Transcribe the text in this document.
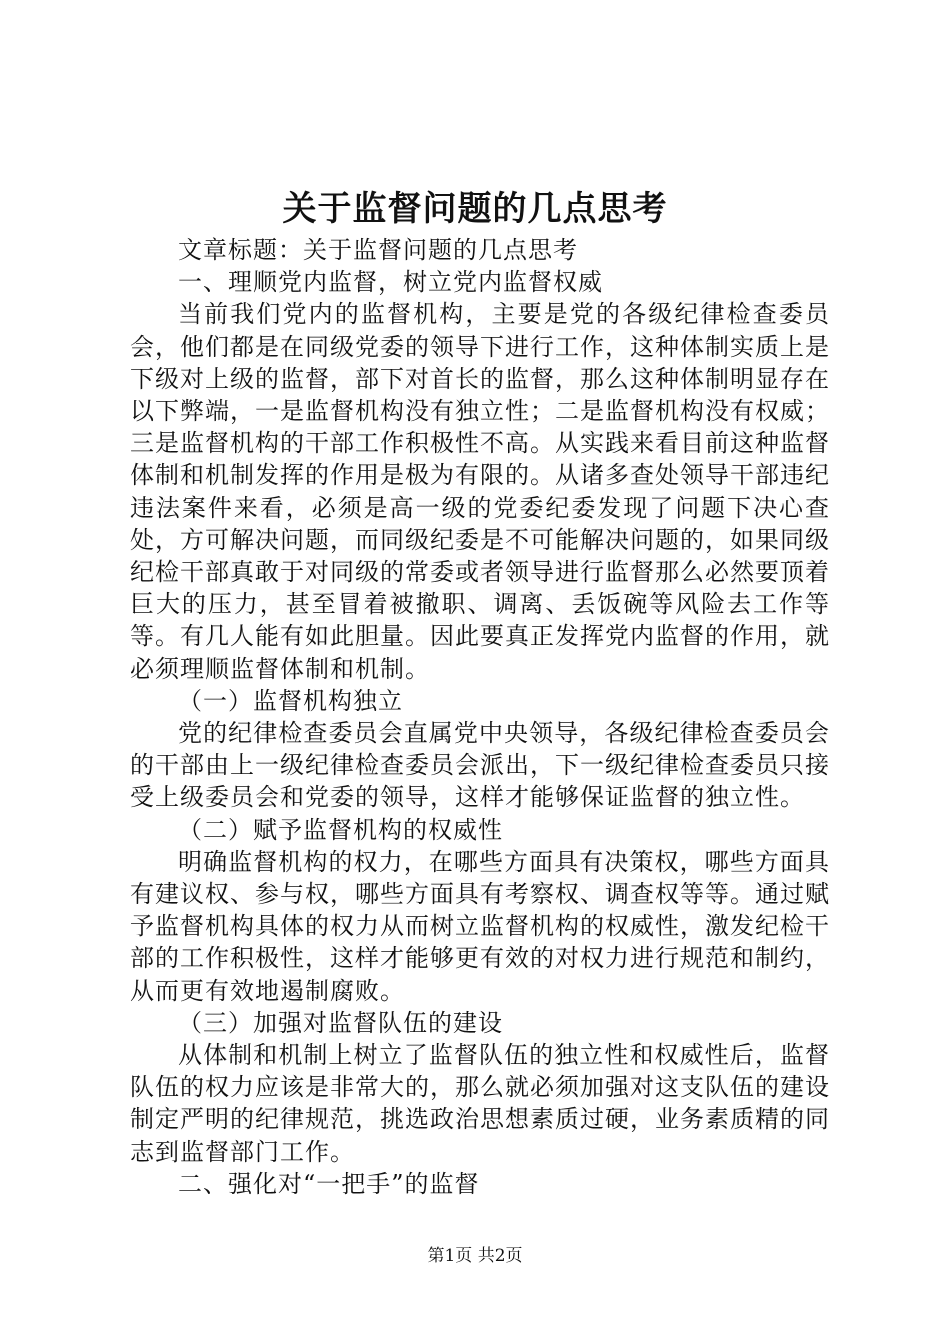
关于监督问题的几点思考

文章标题：关于监督问题的几点思考

一、理顺党内监督，树立党内监督权威

当前我们党内的监督机构，主要是党的各级纪律检查委员会，他们都是在同级党委的领导下进行工作，这种体制实质上是下级对上级的监督，部下对首长的监督，那么这种体制明显存在以下弊端，一是监督机构没有独立性；二是监督机构没有权威；三是监督机构的干部工作积极性不高。从实践来看目前这种监督体制和机制发挥的作用是极为有限的。从诸多查处领导干部违纪违法案件来看，必须是高一级的党委纪委发现了问题下决心查处，方可解决问题，而同级纪委是不可能解决问题的，如果同级纪检干部真敢于对同级的常委或者领导进行监督那么必然要顶着巨大的压力，甚至冒着被撤职、调离、丢饭碗等风险去工作等等。有几人能有如此胆量。因此要真正发挥党内监督的作用，就必须理顺监督体制和机制。

（一）监督机构独立

党的纪律检查委员会直属党中央领导，各级纪律检查委员会的干部由上一级纪律检查委员会派出，下一级纪律检查委员只接受上级委员会和党委的领导，这样才能够保证监督的独立性。

（二）赋予监督机构的权威性

明确监督机构的权力，在哪些方面具有决策权，哪些方面具有建议权、参与权，哪些方面具有考察权、调查权等等。通过赋予监督机构具体的权力从而树立监督机构的权威性，激发纪检干部的工作积极性，这样才能够更有效的对权力进行规范和制约，从而更有效地遏制腐败。

（三）加强对监督队伍的建设

从体制和机制上树立了监督队伍的独立性和权威性后，监督队伍的权力应该是非常大的，那么就必须加强对这支队伍的建设制定严明的纪律规范，挑选政治思想素质过硬，业务素质精的同志到监督部门工作。

二、强化对“一把手”的监督

第1页 共2页
